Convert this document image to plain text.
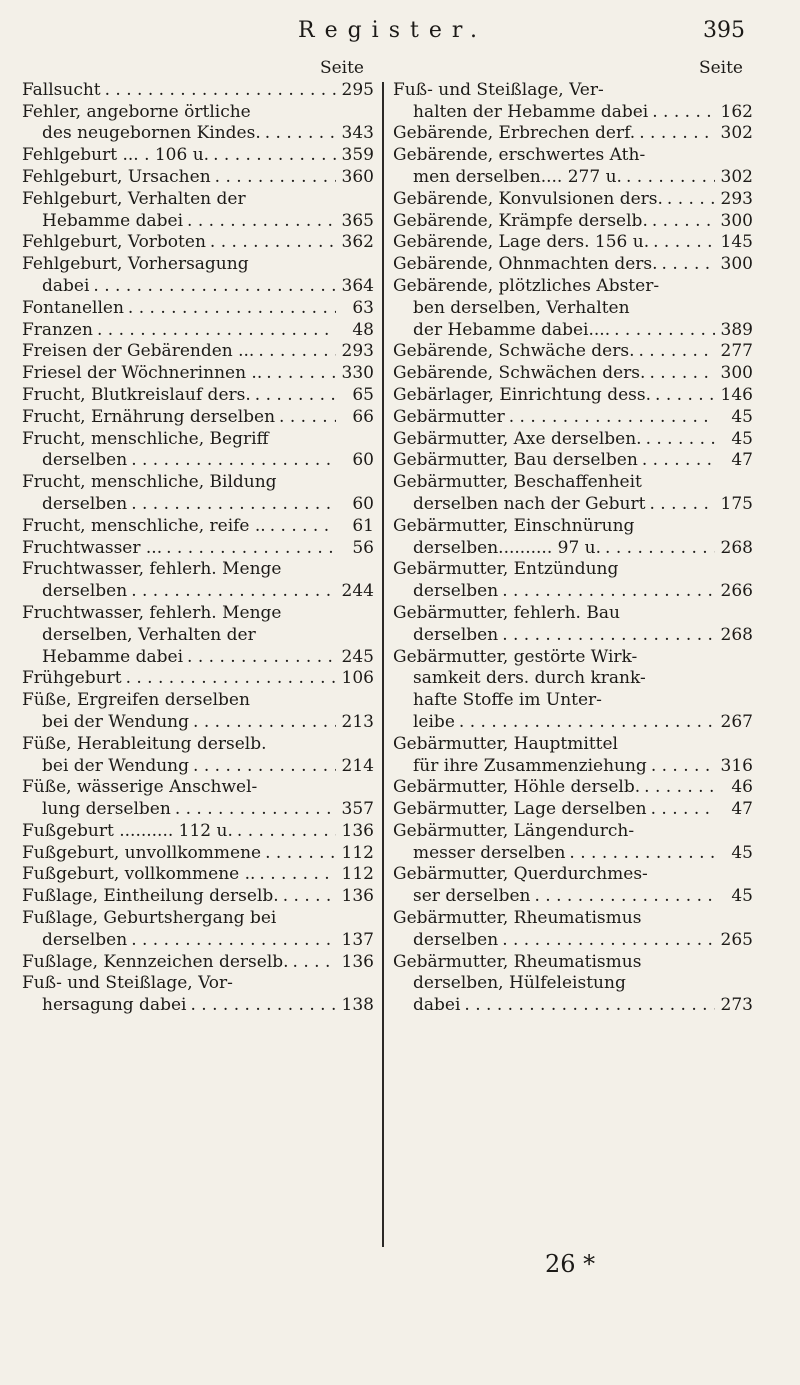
Register.	395
Seite
Fallsucht . . .	295
Fehler, angeborne örtliche
des neugebornen Kindes. . . .	343
Fehlgeburt ... . 106 u. . . .	359
Fehlgeburt, Ursachen . . .	360
Fehlgeburt, Verhalten der
Hebamme dabei . . .	365
Fehlgeburt, Vorboten . . .	362
Fehlgeburt, Vorhersagung
dabei . . .	364
Fontanellen . . .	63
Franzen . . .	48
Freisen der Gebärenden ... . . .	293
Friesel der Wöchnerinnen .. . . .	330
Frucht, Blutkreislauf ders. . . .	65
Frucht, Ernährung derselben . . .	66
Frucht, menschliche, Begriff
derselben . . .	60
Frucht, menschliche, Bildung
derselben . . .	60
Frucht, menschliche, reife .. . . .	61
Fruchtwasser ... . . .	56
Fruchtwasser, fehlerh. Menge
derselben . . .	244
Fruchtwasser, fehlerh. Menge
derselben, Verhalten der
Hebamme dabei . . .	245
Frühgeburt . . .	106
Füße, Ergreifen derselben
bei der Wendung . . .	213
Füße, Herableitung derselb.
bei der Wendung . . .	214
Füße, wässerige Anschwel-
lung derselben . . .	357
Fußgeburt .......... 112 u. . . .	136
Fußgeburt, unvollkommene . . .	112
Fußgeburt, vollkommene .. . . .	112
Fußlage, Eintheilung derselb. . . .	136
Fußlage, Geburtshergang bei
derselben . . .	137
Fußlage, Kennzeichen derselb. . . .	136
Fuß- und Steißlage, Vor-
hersagung dabei . . .	138
Seite
Fuß- und Steißlage, Ver-
halten der Hebamme dabei . . .	162
Gebärende, Erbrechen derf. . . .	302
Gebärende, erschwertes Ath-
men derselben.... 277 u. . . .	302
Gebärende, Konvulsionen ders. . . .	293
Gebärende, Krämpfe derselb. . . .	300
Gebärende, Lage ders. 156 u. . . .	145
Gebärende, Ohnmachten ders. . . .	300
Gebärende, plötzliches Abster-
ben derselben, Verhalten
der Hebamme dabei.... . . .	389
Gebärende, Schwäche ders. . . .	277
Gebärende, Schwächen ders. . . .	300
Gebärlager, Einrichtung dess. . . .	146
Gebärmutter . . .	45
Gebärmutter, Axe derselben. . . .	45
Gebärmutter, Bau derselben . . .	47
Gebärmutter, Beschaffenheit
derselben nach der Geburt . . .	175
Gebärmutter, Einschnürung
derselben.......... 97 u. . . .	268
Gebärmutter, Entzündung
derselben . . .	266
Gebärmutter, fehlerh. Bau
derselben . . .	268
Gebärmutter, gestörte Wirk-
samkeit ders. durch krank-
hafte Stoffe im Unter-
leibe . . .	267
Gebärmutter, Hauptmittel
für ihre Zusammenziehung . . .	316
Gebärmutter, Höhle derselb. . . .	46
Gebärmutter, Lage derselben . . .	47
Gebärmutter, Längendurch-
messer derselben . . .	45
Gebärmutter, Querdurchmes-
ser derselben . . .	45
Gebärmutter, Rheumatismus
derselben . . .	265
Gebärmutter, Rheumatismus
derselben, Hülfeleistung
dabei . . .	273
26 *
